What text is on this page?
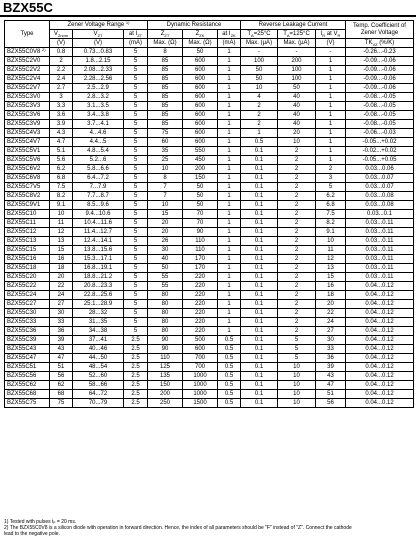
BZX55C
Type	Zener Voltage Range $^{1)}$			Dynamic Resistance			Reverse Leakage Current			Temp. Coefficient of Zener Voltage
	VZnom	VZT	at IZT	ZZT	ZZK	at IZK	TA=25°C	TA=125°C	IR at VR	
	(V)	(V)	(mA)	Max. (Ω)	Max. (Ω)	(mA)	Max. (µA)	Max. (µA)	(V)	TKVZ (%/K)
BZX55C0V8 $^{2)}$	0.8	0.73...0.83	5	8	50	1	-	-	-	-0.26...-0.23
BZX55C2V0	2	1.8...2.15	5	85	600	1	100	200	1	-0.09...-0.06
BZX55C2V2	2.2	2.08...2.33	5	85	600	1	50	100	1	-0.09...-0.06
BZX55C2V4	2.4	2.28...2.56	5	85	600	1	50	100	1	-0.09...-0.06
BZX55C2V7	2.7	2.5...2.9	5	85	600	1	10	50	1	-0.09...-0.06
BZX55C3V0	3	2.8...3.2	5	85	600	1	4	40	1	-0.08...-0.05
BZX55C3V3	3.3	3.1...3.5	5	85	600	1	2	40	1	-0.08...-0.05
BZX55C3V6	3.6	3.4...3.8	5	85	600	1	2	40	1	-0.08...-0.05
BZX55C3V9	3.9	3.7...4.1	5	85	600	1	2	40	1	-0.08...-0.05
BZX55C4V3	4.3	4...4.6	5	75	600	1	1	20	1	-0.06...-0.03
BZX55C4V7	4.7	4.4...5	5	60	600	1	0.5	10	1	-0.05...+0.02
BZX55C5V1	5.1	4.8...5.4	5	35	550	1	0.1	2	1	-0.02...+0.02
BZX55C5V6	5.6	5.2...6	5	25	450	1	0.1	2	1	-0.05...+0.05
BZX55C6V2	6.2	5.8...6.6	5	10	200	1	0.1	2	2	0.03...0.06
BZX55C6V8	6.8	6.4...7.2	5	8	150	1	0.1	2	3	0.03...0.07
BZX55C7V5	7.5	7...7.9	5	7	50	1	0.1	2	5	0.03...0.07
BZX55C8V2	8.2	7.7...8.7	5	7	50	1	0.1	2	6.2	0.03...0.08
BZX55C9V1	9.1	8.5...9.6	5	10	50	1	0.1	2	6.8	0.03...0.08
BZX55C10	10	9.4...10.6	5	15	70	1	0.1	2	7.5	0.03...0.1
BZX55C11	11	10.4...11.6	5	20	70	1	0.1	2	8.2	0.03...0.11
BZX55C12	12	11.4...12.7	5	20	90	1	0.1	2	9.1	0.03...0.11
BZX55C13	13	12.4...14.1	5	26	110	1	0.1	2	10	0.03...0.11
BZX55C15	15	13.8...15.6	5	30	110	1	0.1	2	11	0.03...0.11
BZX55C16	16	15.3...17.1	5	40	170	1	0.1	2	12	0.03...0.11
BZX55C18	18	16.8...19.1	5	50	170	1	0.1	2	13	0.03...0.11
BZX55C20	20	18.8...21.2	5	55	220	1	0.1	2	15	0.03...0.11
BZX55C22	22	20.8...23.3	5	55	220	1	0.1	2	16	0.04...0.12
BZX55C24	24	22.8...25.6	5	80	220	1	0.1	2	18	0.04...0.12
BZX55C27	27	25.1...28.9	5	80	220	1	0.1	2	20	0.04...0.12
BZX55C30	30	28...32	5	80	220	1	0.1	2	22	0.04...0.12
BZX55C33	33	31...35	5	80	220	1	0.1	2	24	0.04...0.12
BZX55C36	36	34...38	5	80	220	1	0.1	2	27	0.04...0.12
BZX55C39	39	37...41	2.5	90	500	0.5	0.1	5	30	0.04...0.12
BZX55C43	43	40...46	2.5	90	600	0.5	0.1	5	33	0.04...0.12
BZX55C47	47	44...50	2.5	110	700	0.5	0.1	5	36	0.04...0.12
BZX55C51	51	48...54	2.5	125	700	0.5	0.1	10	39	0.04...0.12
BZX55C56	56	52...60	2.5	135	1000	0.5	0.1	10	43	0.04...0.12
BZX55C62	62	58...66	2.5	150	1000	0.5	0.1	10	47	0.04...0.12
BZX55C68	68	64...72	2.5	200	1000	0.5	0.1	10	51	0.04...0.12
BZX55C75	75	70...79	2.5	250	1500	0.5	0.1	10	56	0.04...0.12
1) Tested with pulses tₚ = 20 ms.
2) The BZX55C0V8 is a silicon diode with operation in forward direction. Hence, the index of all parameters should be "F" instead of "Z". Connect the cathode
lead to the negative pole.
